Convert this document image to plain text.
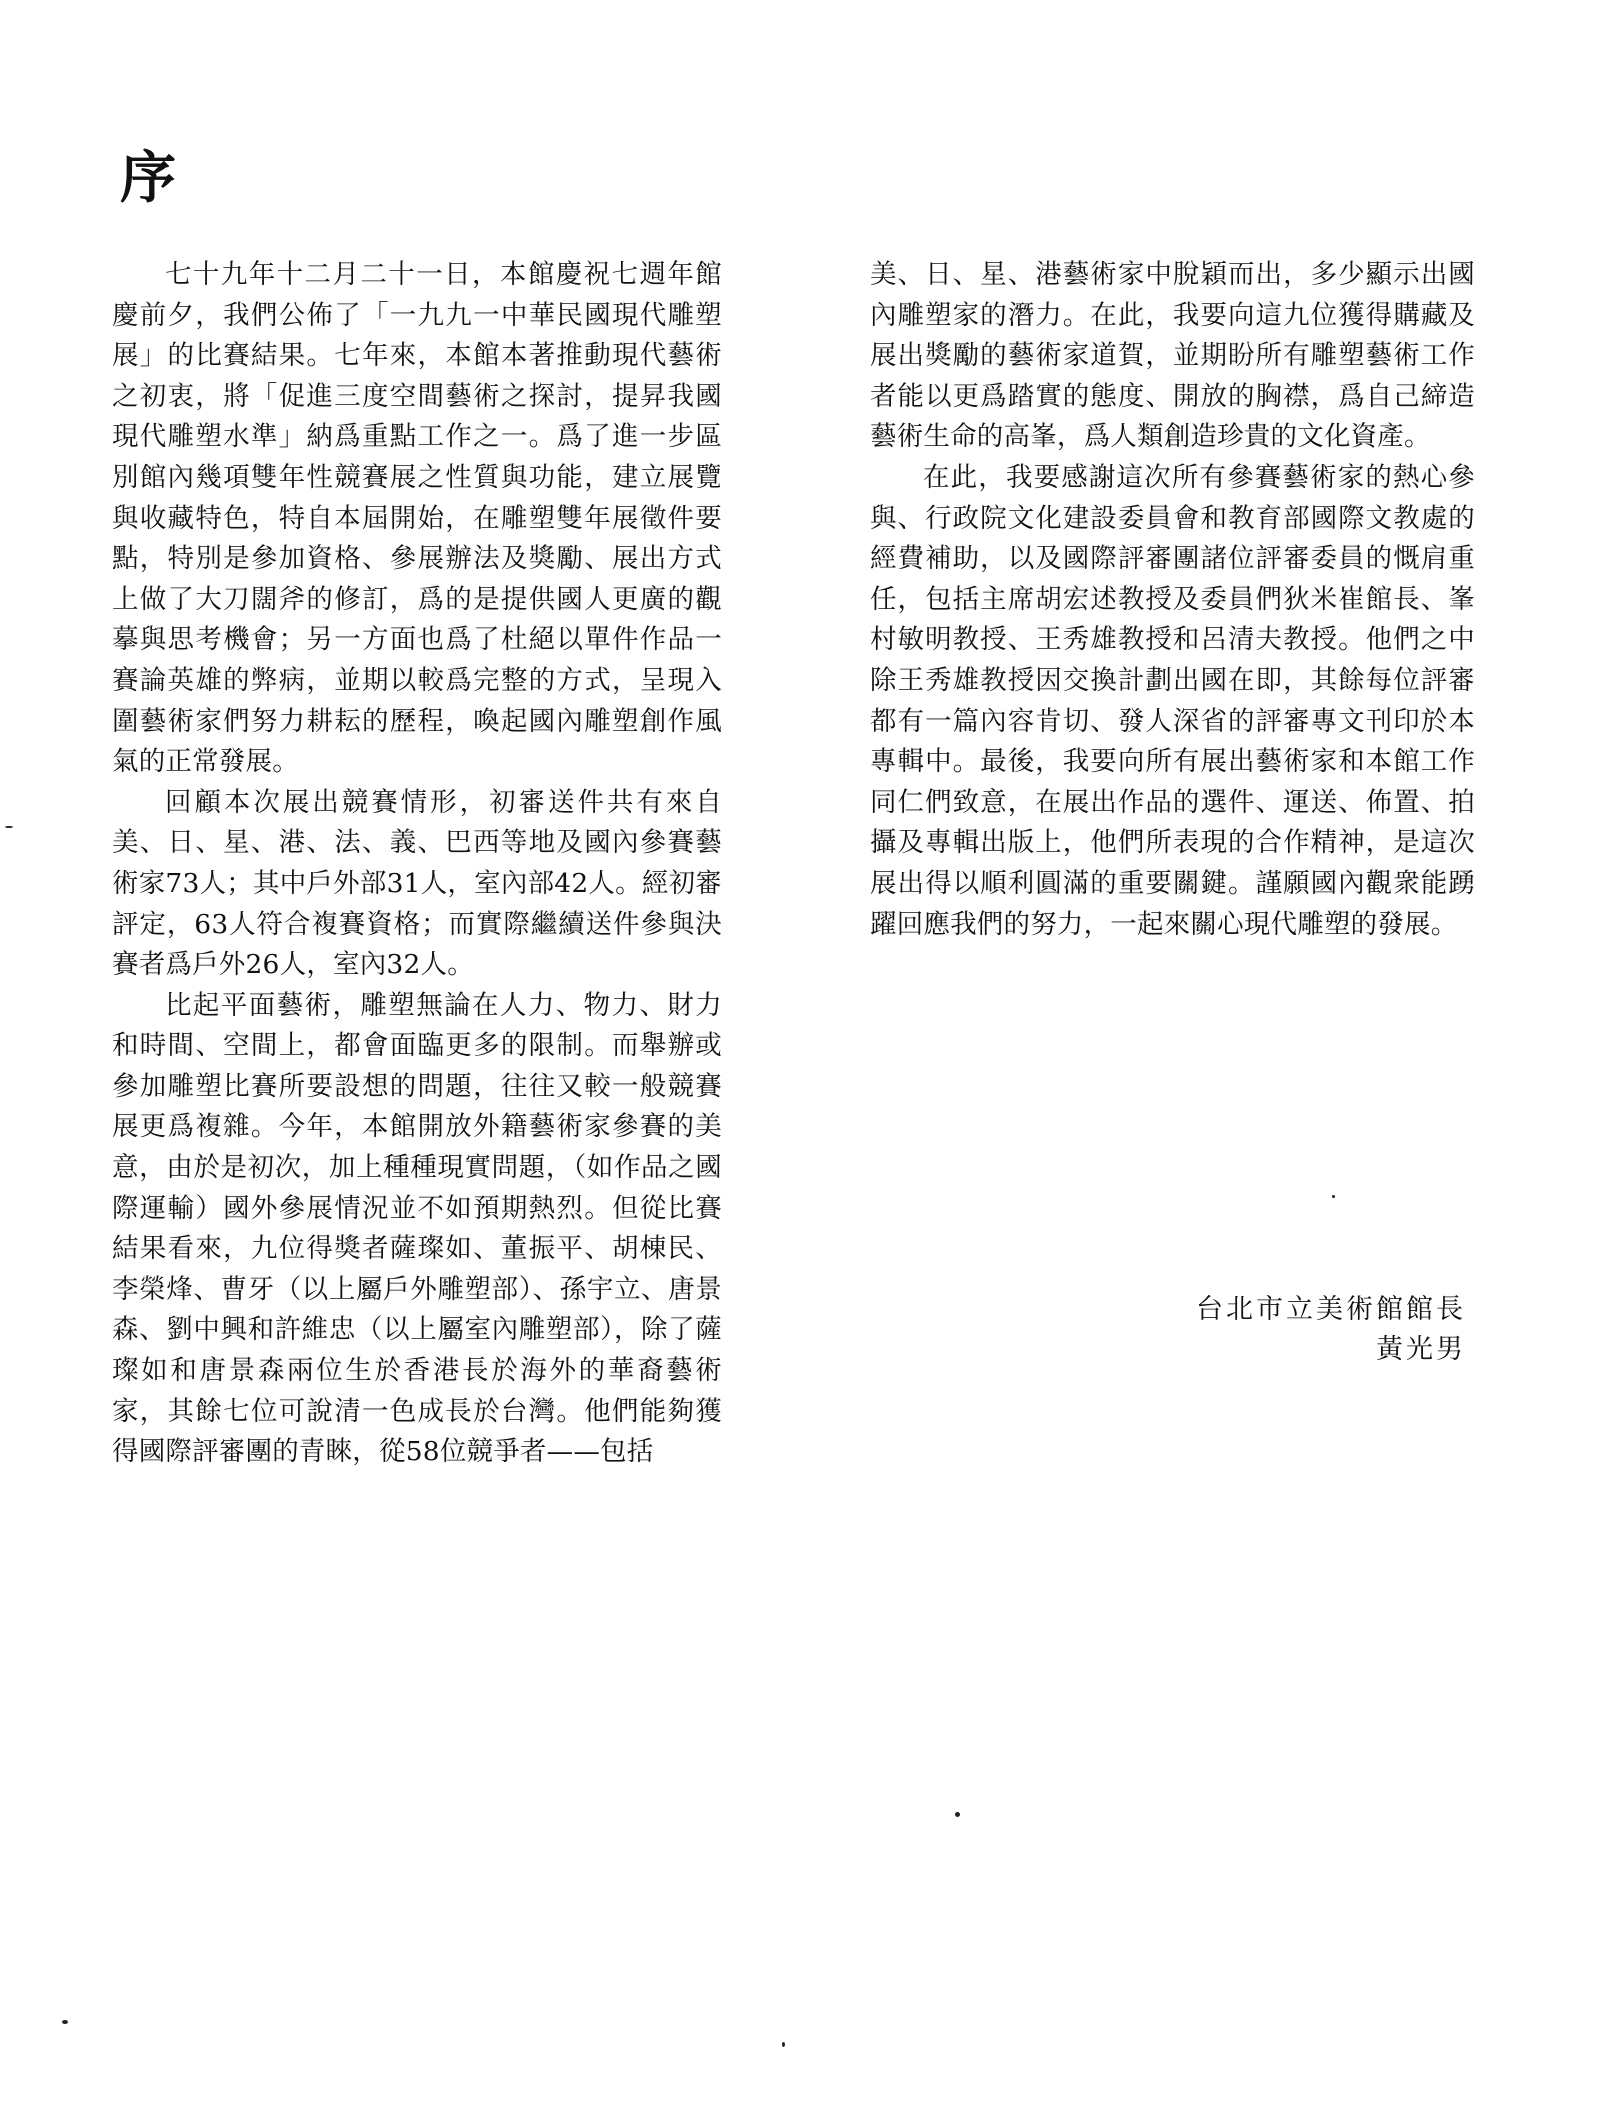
序

七十九年十二月二十一日，本館慶祝七週年館慶前夕，我們公佈了「一九九一中華民國現代雕塑展」的比賽結果。七年來，本館本著推動現代藝術之初衷，將「促進三度空間藝術之探討，提昇我國現代雕塑水準」納爲重點工作之一。爲了進一步區別館內幾項雙年性競賽展之性質與功能，建立展覽與收藏特色，特自本屆開始，在雕塑雙年展徵件要點，特別是參加資格、參展辦法及獎勵、展出方式上做了大刀闊斧的修訂，爲的是提供國人更廣的觀摹與思考機會；另一方面也爲了杜絕以單件作品一賽論英雄的弊病，並期以較爲完整的方式，呈現入圍藝術家們努力耕耘的歷程，喚起國內雕塑創作風氣的正常發展。

回顧本次展出競賽情形，初審送件共有來自美、日、星、港、法、義、巴西等地及國內參賽藝術家73人；其中戶外部31人，室內部42人。經初審評定，63人符合複賽資格；而實際繼續送件參與決賽者爲戶外26人，室內32人。

比起平面藝術，雕塑無論在人力、物力、財力和時間、空間上，都會面臨更多的限制。而舉辦或參加雕塑比賽所要設想的問題，往往又較一般競賽展更爲複雜。今年，本館開放外籍藝術家參賽的美意，由於是初次，加上種種現實問題，（如作品之國際運輸）國外參展情況並不如預期熱烈。但從比賽結果看來，九位得獎者薩璨如、董振平、胡棟民、李榮烽、曹牙（以上屬戶外雕塑部）、孫宇立、唐景森、劉中興和許維忠（以上屬室內雕塑部），除了薩璨如和唐景森兩位生於香港長於海外的華裔藝術家，其餘七位可說清一色成長於台灣。他們能夠獲得國際評審團的青睞，從58位競爭者——包括

美、日、星、港藝術家中脫穎而出，多少顯示出國內雕塑家的潛力。在此，我要向這九位獲得購藏及展出獎勵的藝術家道賀，並期盼所有雕塑藝術工作者能以更爲踏實的態度、開放的胸襟，爲自己締造藝術生命的高峯，爲人類創造珍貴的文化資產。

在此，我要感謝這次所有參賽藝術家的熱心參與、行政院文化建設委員會和教育部國際文教處的經費補助，以及國際評審團諸位評審委員的慨肩重任，包括主席胡宏述教授及委員們狄米崔館長、峯村敏明教授、王秀雄教授和呂清夫教授。他們之中除王秀雄教授因交換計劃出國在即，其餘每位評審都有一篇內容肯切、發人深省的評審專文刊印於本專輯中。最後，我要向所有展出藝術家和本館工作同仁們致意，在展出作品的選件、運送、佈置、拍攝及專輯出版上，他們所表現的合作精神，是這次展出得以順利圓滿的重要關鍵。謹願國內觀衆能踴躍回應我們的努力，一起來關心現代雕塑的發展。

台北市立美術館館長
黃光男
